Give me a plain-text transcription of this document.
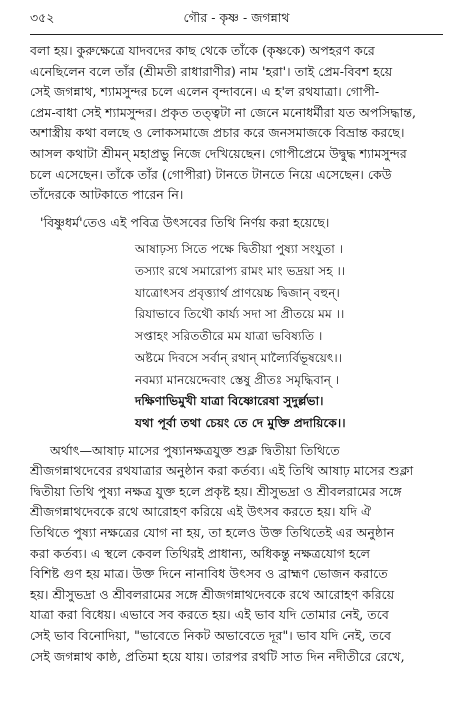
৩৫২	গৌর - কৃষ্ণ - জগন্নাথ

বলা হয়। কুরুক্ষেত্রে যাদবদের কাছ থেকে তাঁকে (কৃষ্ণকে) অপহরণ করে
এনেছিলেন বলে তাঁর (শ্রীমতী রাধারাণীর) নাম 'হরা'। তাই প্রেম-বিবশ হয়ে
সেই জগন্নাথ, শ্যামসুন্দর চলে এলেন বৃন্দাবনে। এ হ'ল রথযাত্রা। গোপী-
প্রেম-বাধা সেই শ্যামসুন্দর। প্রকৃত তত্ত্বটা না জেনে মনোধর্মীরা যত অপসিদ্ধান্ত,
অশাস্ত্রীয় কথা বলছে ও লোকসমাজে প্রচার করে জনসমাজকে বিভ্রান্ত করছে।
আসল কথাটা শ্রীমন্ মহাপ্রভু নিজে দেখিয়েছেন। গোপীপ্রেমে উদ্বুদ্ধ শ্যামসুন্দর
চলে এসেছেন। তাঁকে তাঁর (গোপীরা) টানতে টানতে নিয়ে এসেছেন। কেউ
তাঁদেরকে আটকাতে পারেন নি।

'বিষ্ণুধর্ম'তেও এই পবিত্র উৎসবের তিথি নির্ণয় করা হয়েছে।
আষাঢ়স্য সিতে পক্ষে দ্বিতীয়া পুষ্যা সংযুতা ।
তস্যাং রথে সমারোপ্য রামং মাং ভদ্রয়া সহ ।।
যাত্রোৎসব প্রবৃত্ত্যার্থ প্রাণয়েচ্চ দ্বিজান্ বহুন্।
রিযাভাবে তিথৌ কার্য্য সদা সা প্রীতয়ে মম ।।
সপ্তাহং সরিততীরে মম যাত্রা ভবিষ্যতি ।
অষ্টমে দিবসে সর্বান্ রথান্ মাল্যৈর্বিভূষয়েৎ।।
নবম্যা মানয়েদ্দেবাং স্তেষু প্রীতঃ সমৃদ্ধিবান্ ।
দক্ষিণাভিমুখী যাত্রা বিষ্ণোরেষা সুদুর্ল্লভা।
যথা পূর্বা তথা চেয়ং তে দে মুক্তি প্রদায়িকে।।

অর্থাৎ—আষাঢ় মাসের পুষ্যানক্ষত্রযুক্ত শুক্ল দ্বিতীয়া তিথিতে
শ্রীজগন্নাথদেবের রথযাত্রার অনুষ্ঠান করা কর্তব্য। এই তিথি আষাঢ় মাসের শুক্লা
দ্বিতীয়া তিথি পুষ্যা নক্ষত্র যুক্ত হলে প্রকৃষ্ট হয়। শ্রীসুভদ্রা ও শ্রীবলরামের সঙ্গে
শ্রীজগন্নাথদেবকে রথে আরোহণ করিয়ে এই উৎসব করতে হয়। যদি ঐ
তিথিতে পুষ্যা নক্ষত্রের যোগ না হয়, তা হলেও উক্ত তিথিতেই এর অনুষ্ঠান
করা কর্তব্য। এ স্থলে কেবল তিথিরই প্রাধান্য, অধিকন্তু নক্ষত্রযোগ হলে
বিশিষ্ট গুণ হয় মাত্র। উক্ত দিনে নানাবিধ উৎসব ও ব্রাহ্মণ ভোজন করাতে
হয়। শ্রীসুভদ্রা ও শ্রীবলরামের সঙ্গে শ্রীজগন্নাথদেবকে রথে আরোহণ করিয়ে
যাত্রা করা বিধেয়। এভাবে সব করতে হয়। এই ভাব যদি তোমার নেই, তবে
সেই ভাব বিনোদিয়া, "ভাবেতে নিকট অভাবেতে দূর"। ভাব যদি নেই, তবে
সেই জগন্নাথ কাষ্ঠ, প্রতিমা হয়ে যায়। তারপর রথটি সাত দিন নদীতীরে রেখে,
